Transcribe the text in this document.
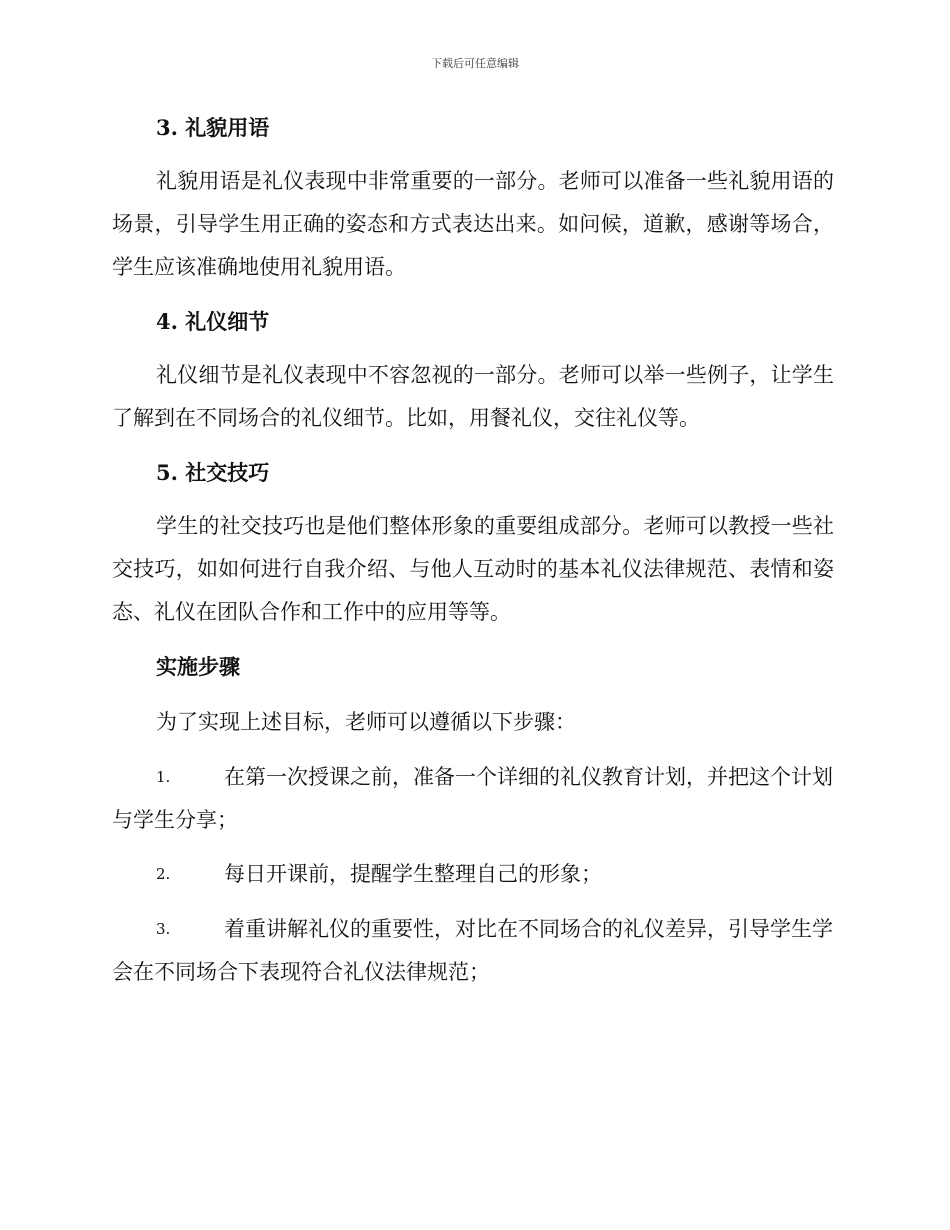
下载后可任意编辑
3. 礼貌用语

礼貌用语是礼仪表现中非常重要的一部分。老师可以准备一些礼貌用语的场景，引导学生用正确的姿态和方式表达出来。如问候，道歉，感谢等场合，学生应该准确地使用礼貌用语。

4. 礼仪细节

礼仪细节是礼仪表现中不容忽视的一部分。老师可以举一些例子，让学生了解到在不同场合的礼仪细节。比如，用餐礼仪，交往礼仪等。

5. 社交技巧

学生的社交技巧也是他们整体形象的重要组成部分。老师可以教授一些社交技巧，如如何进行自我介绍、与他人互动时的基本礼仪法律规范、表情和姿态、礼仪在团队合作和工作中的应用等等。

实施步骤

为了实现上述目标，老师可以遵循以下步骤：

1.	在第一次授课之前，准备一个详细的礼仪教育计划，并把这个计划与学生分享；

2.	每日开课前，提醒学生整理自己的形象；

3.	着重讲解礼仪的重要性，对比在不同场合的礼仪差异，引导学生学会在不同场合下表现符合礼仪法律规范；
